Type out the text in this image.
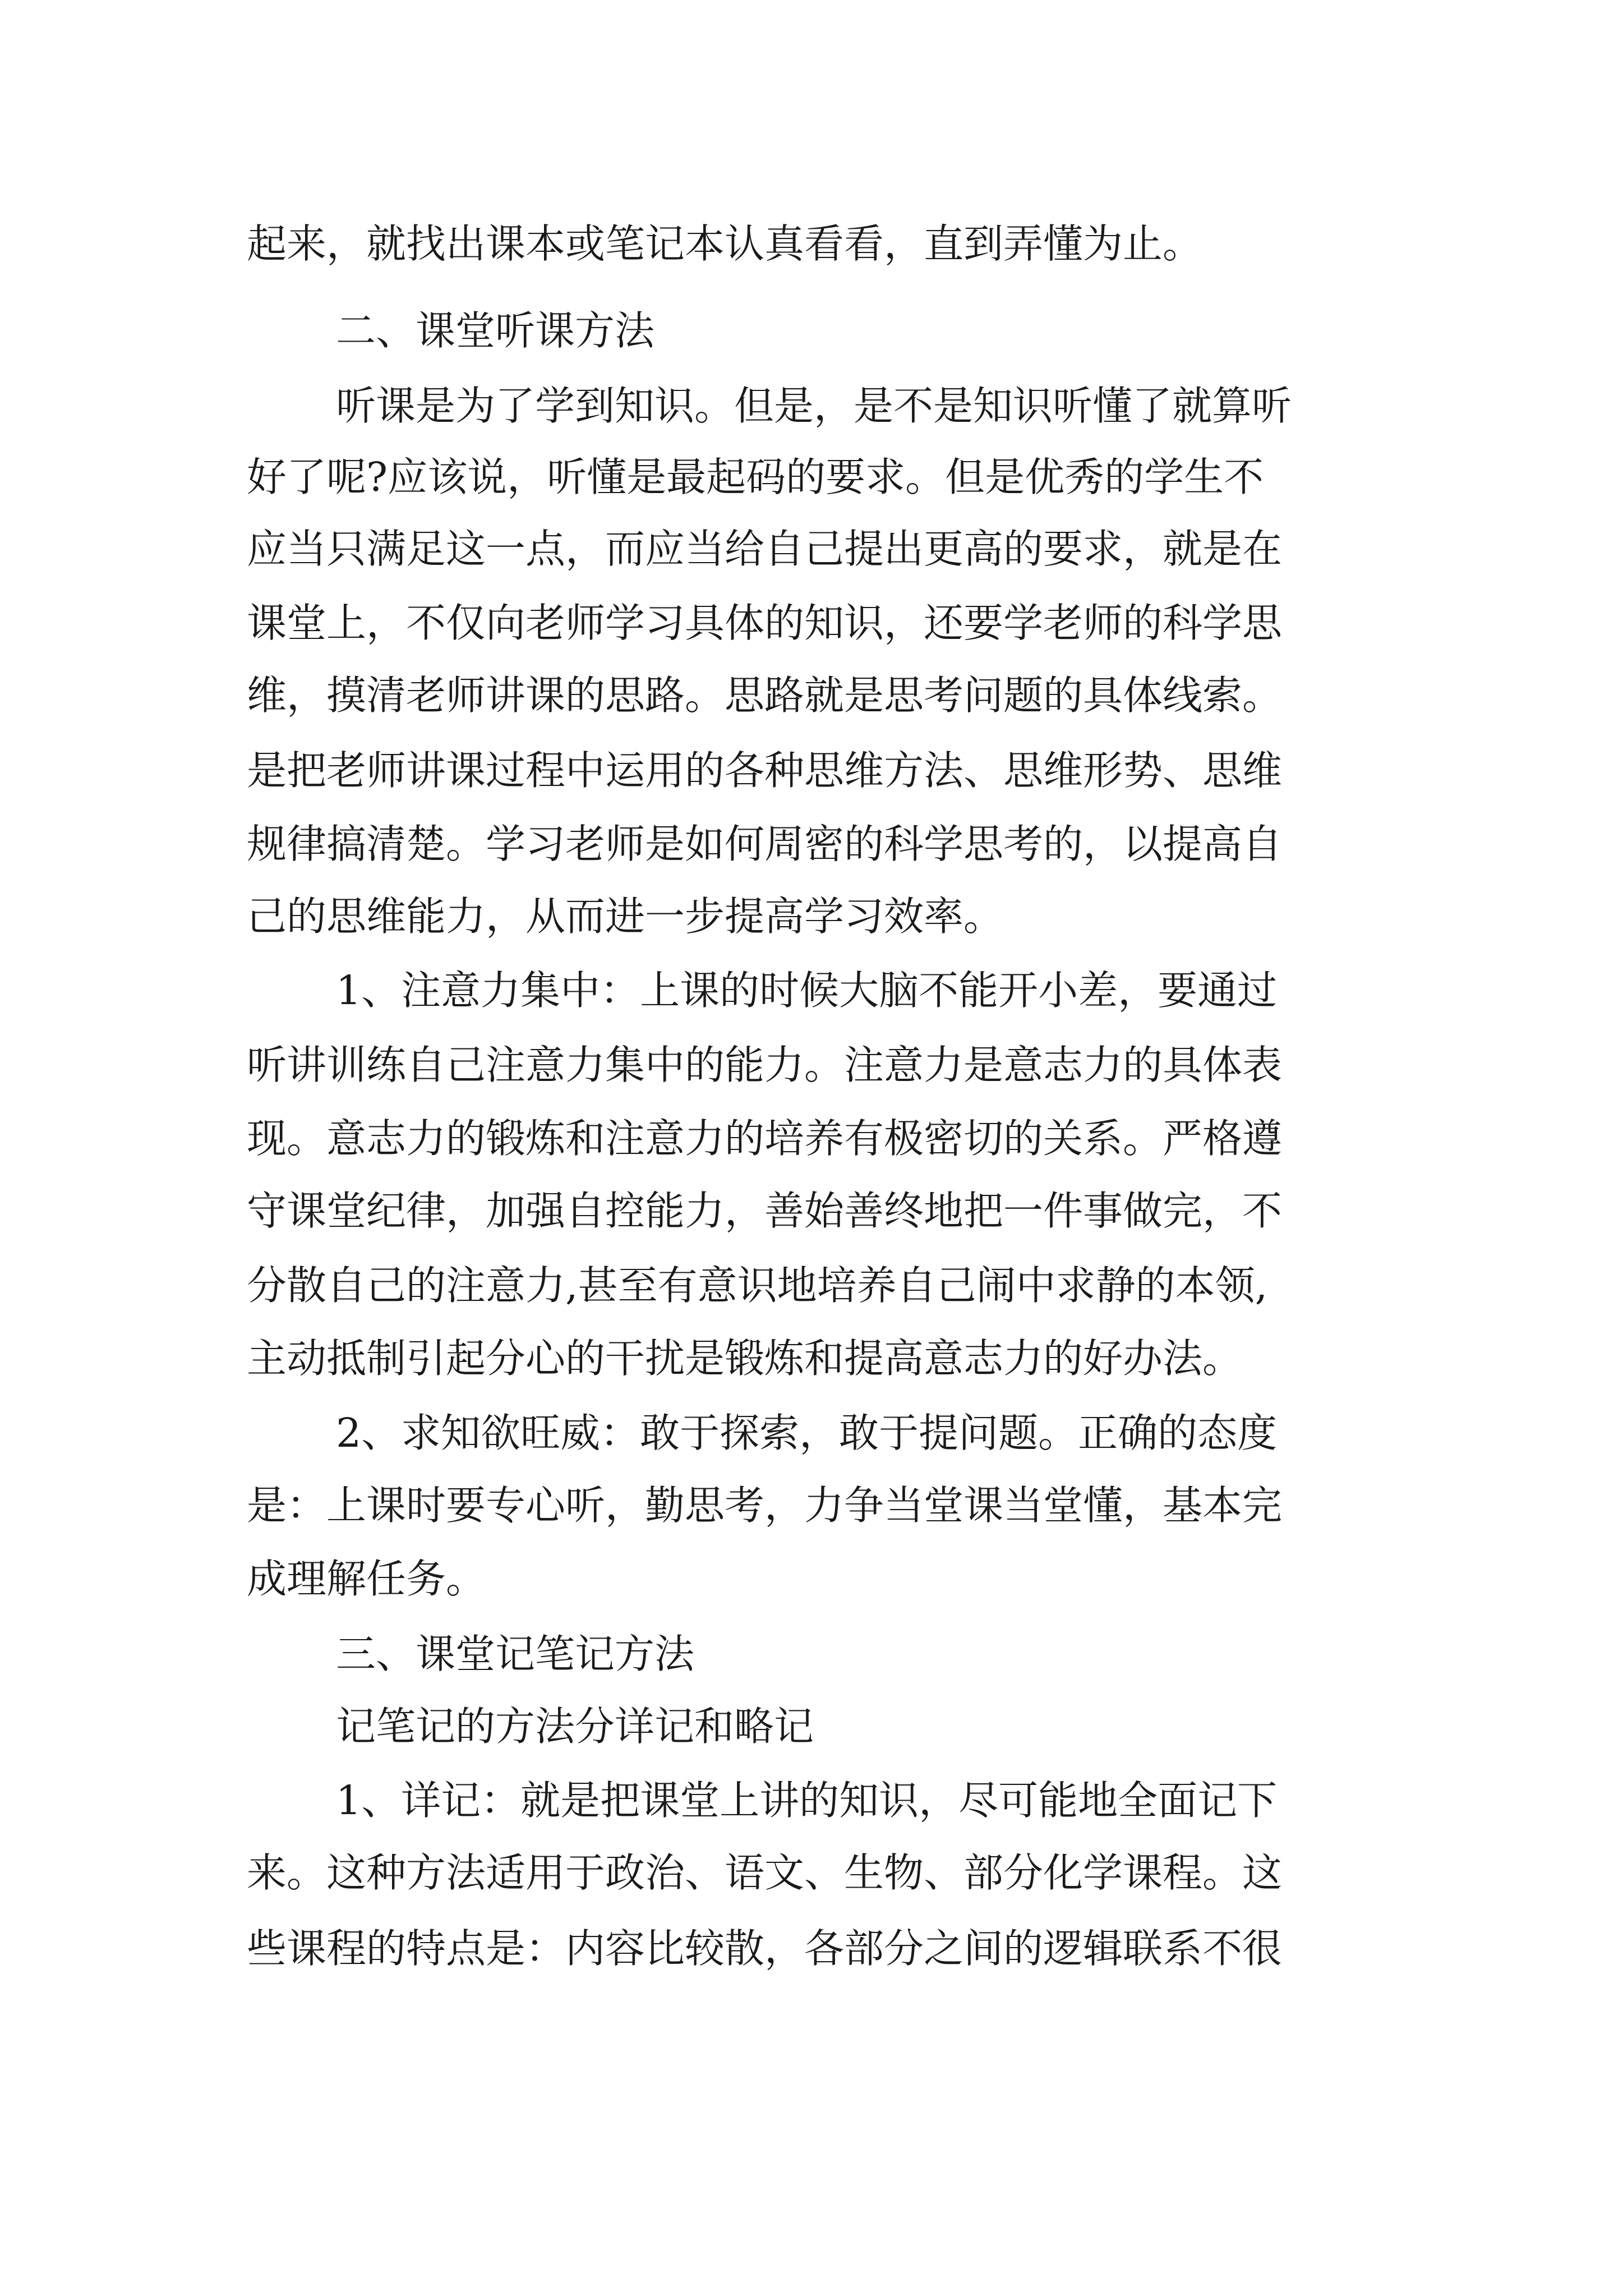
起来，就找出课本或笔记本认真看看，直到弄懂为止。

二、课堂听课方法

听课是为了学到知识。但是，是不是知识听懂了就算听

好了呢?应该说，听懂是最起码的要求。但是优秀的学生不

应当只满足这一点，而应当给自己提出更高的要求，就是在

课堂上，不仅向老师学习具体的知识，还要学老师的科学思

维，摸清老师讲课的思路。思路就是思考问题的具体线索。

是把老师讲课过程中运用的各种思维方法、思维形势、思维

规律搞清楚。学习老师是如何周密的科学思考的，以提高自

己的思维能力，从而进一步提高学习效率。

1、注意力集中：上课的时候大脑不能开小差，要通过

听讲训练自己注意力集中的能力。注意力是意志力的具体表

现。意志力的锻炼和注意力的培养有极密切的关系。严格遵

守课堂纪律，加强自控能力，善始善终地把一件事做完，不

分散自己的注意力,甚至有意识地培养自己闹中求静的本领,

主动抵制引起分心的干扰是锻炼和提高意志力的好办法。

2、求知欲旺威：敢于探索，敢于提问题。正确的态度

是：上课时要专心听，勤思考，力争当堂课当堂懂，基本完

成理解任务。

三、课堂记笔记方法

记笔记的方法分详记和略记

1、详记：就是把课堂上讲的知识，尽可能地全面记下

来。这种方法适用于政治、语文、生物、部分化学课程。这

些课程的特点是：内容比较散，各部分之间的逻辑联系不很
